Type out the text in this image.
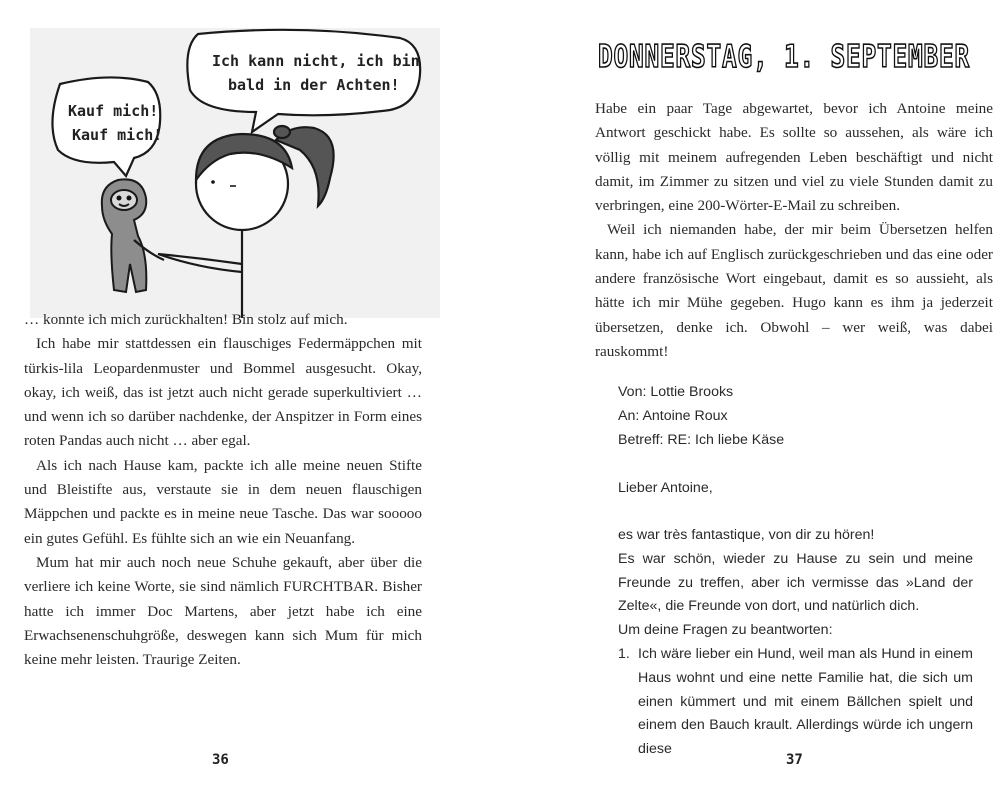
Ich kann nicht, ich bin
bald in der Achten!
Kauf mich!
Kauf mich!

… konnte ich mich zurückhalten! Bin stolz auf mich.

Ich habe mir stattdessen ein flauschiges Federmäppchen mit türkis-lila Leopardenmuster und Bommel ausgesucht. Okay, okay, ich weiß, das ist jetzt auch nicht gerade superkultiviert … und wenn ich so darüber nachdenke, der Anspitzer in Form eines roten Pandas auch nicht … aber egal.

Als ich nach Hause kam, packte ich alle meine neuen Stifte und Bleistifte aus, verstaute sie in dem neuen flauschigen Mäppchen und packte es in meine neue Tasche. Das war sooooo ein gutes Gefühl. Es fühlte sich an wie ein Neuanfang.

Mum hat mir auch noch neue Schuhe gekauft, aber über die verliere ich keine Worte, sie sind nämlich FURCHTBAR. Bisher hatte ich immer Doc Martens, aber jetzt habe ich eine Erwachsenenschuhgröße, deswegen kann sich Mum für mich keine mehr leisten. Traurige Zeiten.

36
DONNERSTAG, 1. SEPTEMBER

Habe ein paar Tage abgewartet, bevor ich Antoine meine Antwort geschickt habe. Es sollte so aussehen, als wäre ich völlig mit meinem aufregenden Leben beschäftigt und nicht damit, im Zimmer zu sitzen und viel zu viele Stunden damit zu verbringen, eine 200-Wörter-E-Mail zu schreiben.

Weil ich niemanden habe, der mir beim Übersetzen helfen kann, habe ich auf Englisch zurückgeschrieben und das eine oder andere französische Wort eingebaut, damit es so aussieht, als hätte ich mir Mühe gegeben. Hugo kann es ihm ja jederzeit übersetzen, denke ich. Obwohl – wer weiß, was dabei rauskommt!

Von: Lottie Brooks

An: Antoine Roux

Betreff: RE: Ich liebe Käse

Lieber Antoine,

es war très fantastique, von dir zu hören!

Es war schön, wieder zu Hause zu sein und meine Freunde zu treffen, aber ich vermisse das »Land der Zelte«, die Freunde von dort, und natürlich dich.

Um deine Fragen zu beantworten:

1. Ich wäre lieber ein Hund, weil man als Hund in einem Haus wohnt und eine nette Familie hat, die sich um einen kümmert und mit einem Bällchen spielt und einem den Bauch krault. Allerdings würde ich ungern diese
37
